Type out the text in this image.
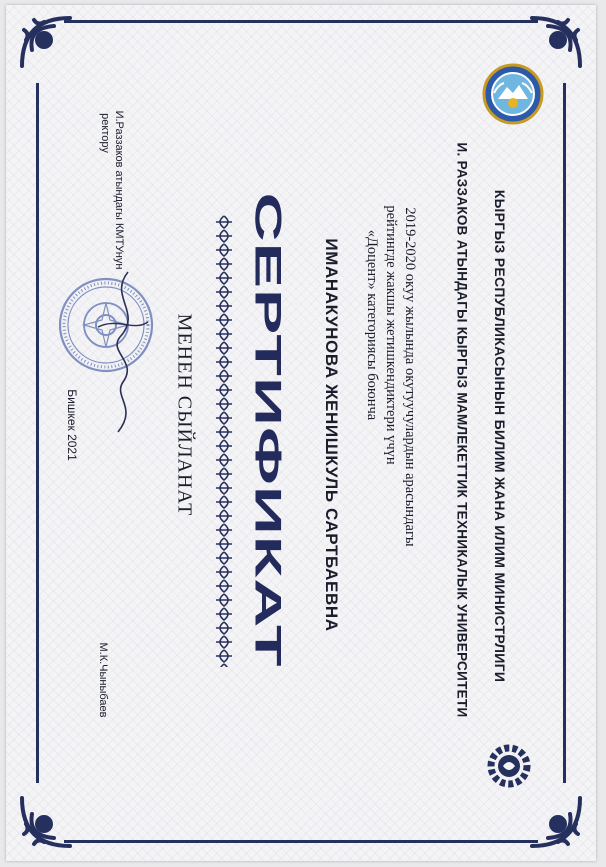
КЫРГЫЗ РЕСПУБЛИКАСЫНЫН БИЛИМ ЖАНА ИЛИМ МИНИСТРЛИГИ
И. РАЗЗАКОВ АТЫНДАГЫ КЫРГЫЗ МАМЛЕКЕТТИК ТЕХНИКАЛЫК УНИВЕРСИТЕТИ
2019-2020 окуу жылында окутуучулардын арасындагы
рейтингде жакшы жетишкендиктери үчүн
«Доцент» категориясы боюнча
ИМАНАКУНОВА ЖЕНИШКУЛЬ САРТБАЕВНА
СЕРТИФИКАТ
МЕНЕН СЫЙЛАНАТ
И.Раззаков атындагы КМТУнун
ректору
М.К.Чыныбаев
Бишкек 2021
